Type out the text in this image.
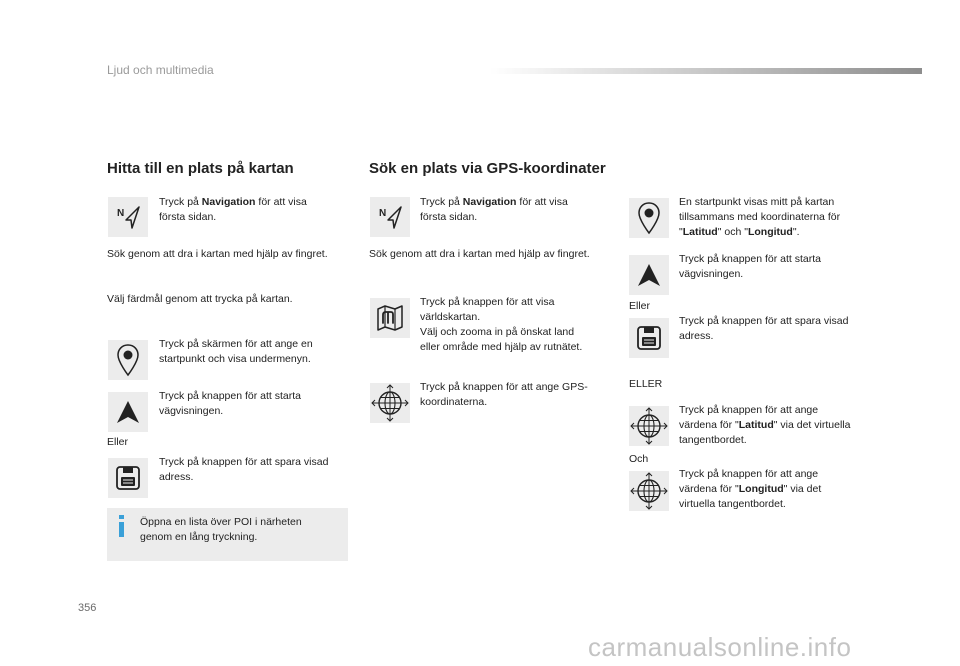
Ljud och multimedia
Hitta till en plats på kartan
N
Tryck på Navigation för att visa
första sidan.
Sök genom att dra i kartan med hjälp av fingret.
Välj färdmål genom att trycka på kartan.
Tryck på skärmen för att ange en
startpunkt och visa undermenyn.
Tryck på knappen för att starta
vägvisningen.
Eller
Tryck på knappen för att spara visad
adress.
Öppna en lista över POI i närheten
genom en lång tryckning.
Sök en plats via GPS-koordinater
N
Tryck på Navigation för att visa
första sidan.
Sök genom att dra i kartan med hjälp av fingret.
Tryck på knappen för att visa
världskartan.
Välj och zooma in på önskat land
eller område med hjälp av rutnätet.
Tryck på knappen för att ange GPS-
koordinaterna.
En startpunkt visas mitt på kartan
tillsammans med koordinaterna för
"Latitud" och "Longitud".
Tryck på knappen för att starta
vägvisningen.
Eller
Tryck på knappen för att spara visad
adress.
ELLER
Tryck på knappen för att ange
värdena för "Latitud" via det virtuella
tangentbordet.
Och
Tryck på knappen för att ange
värdena för "Longitud" via det
virtuella tangentbordet.
356
carmanualsonline.info
